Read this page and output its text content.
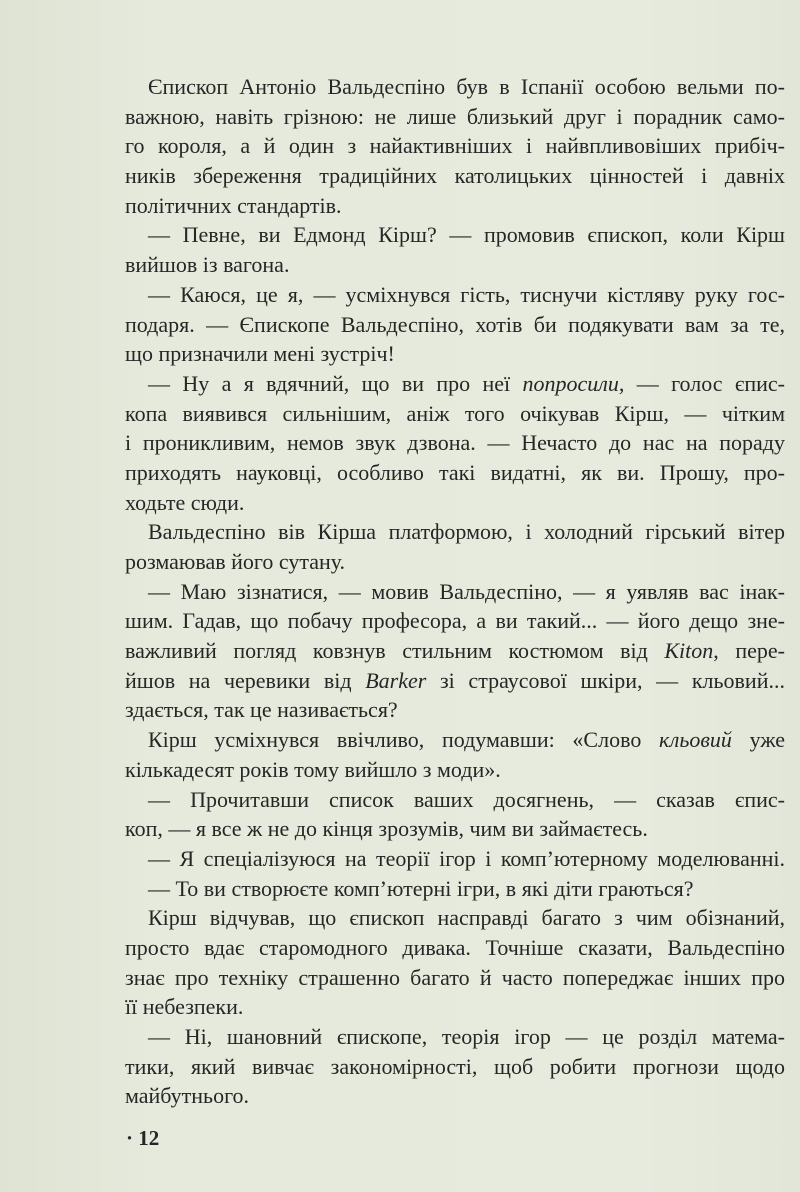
Єпископ Антоніо Вальдеспіно був в Іспанії особою вельми по-
важною, навіть грізною: не лише близький друг і порадник само-
го короля, а й один з найактивніших і найвпливовіших прибіч-
ників збереження традиційних католицьких цінностей і давніх
політичних стандартів.
— Певне, ви Едмонд Кірш? — промовив єпископ, коли Кірш
вийшов із вагона.
— Каюся, це я, — усміхнувся гість, тиснучи кістляву руку гос-
подаря. — Єпископе Вальдеспіно, хотів би подякувати вам за те,
що призначили мені зустріч!
— Ну а я вдячний, що ви про неї попросили, — голос єпис-
копа виявився сильнішим, аніж того очікував Кірш, — чітким
і проникливим, немов звук дзвона. — Нечасто до нас на пораду
приходять науковці, особливо такі видатні, як ви. Прошу, про-
ходьте сюди.
Вальдеспіно вів Кірша платформою, і холодний гірський вітер
розмаював його сутану.
— Маю зізнатися, — мовив Вальдеспіно, — я уявляв вас інак-
шим. Гадав, що побачу професора, а ви такий... — його дещо зне-
важливий погляд ковзнув стильним костюмом від Kiton, пере-
йшов на черевики від Barker зі страусової шкіри, — кльовий...
здається, так це називається?
Кірш усміхнувся ввічливо, подумавши: «Слово кльовий уже
кількадесят років тому вийшло з моди».
— Прочитавши список ваших досягнень, — сказав єпис-
коп, — я все ж не до кінця зрозумів, чим ви займаєтесь.
— Я спеціалізуюся на теорії ігор і комп’ютерному моделюванні.
— То ви створюєте комп’ютерні ігри, в які діти граються?
Кірш відчував, що єпископ насправді багато з чим обізнаний,
просто вдає старомодного дивака. Точніше сказати, Вальдеспіно
знає про техніку страшенно багато й часто попереджає інших про
її небезпеки.
— Ні, шановний єпископе, теорія ігор — це розділ матема-
тики, який вивчає закономірності, щоб робити прогнози щодо
майбутнього.
· 12
